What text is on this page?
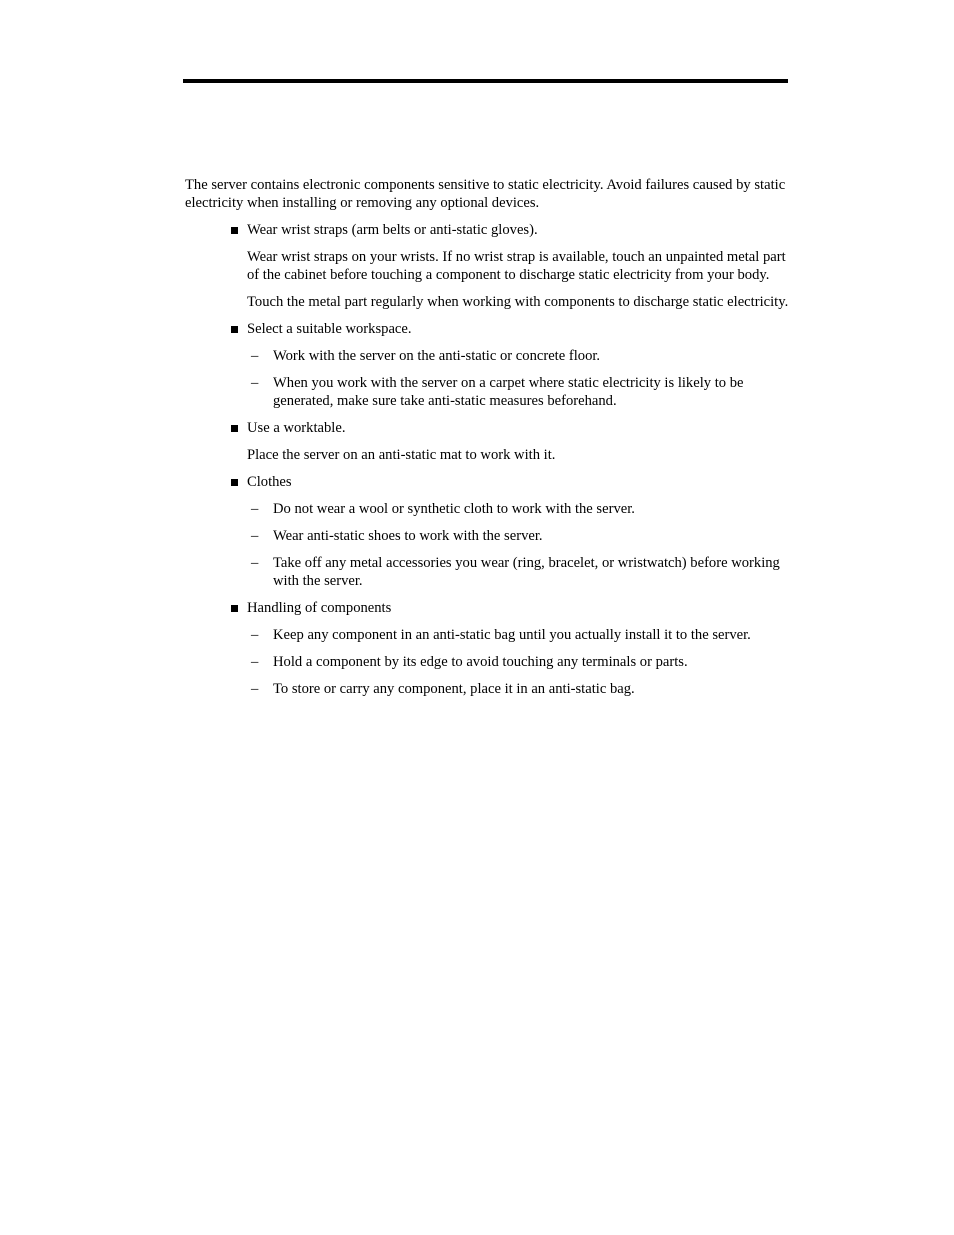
The server contains electronic components sensitive to static electricity. Avoid failures caused by static electricity when installing or removing any optional devices.

Wear wrist straps (arm belts or anti-static gloves).

Wear wrist straps on your wrists. If no wrist strap is available, touch an unpainted metal part of the cabinet before touching a component to discharge static electricity from your body.

Touch the metal part regularly when working with components to discharge static electricity.

Select a suitable workspace.
– Work with the server on the anti-static or concrete floor.
– When you work with the server on a carpet where static electricity is likely to be generated, make sure take anti-static measures beforehand.
Use a worktable.

Place the server on an anti-static mat to work with it.

Clothes
– Do not wear a wool or synthetic cloth to work with the server.
– Wear anti-static shoes to work with the server.
– Take off any metal accessories you wear (ring, bracelet, or wristwatch) before working with the server.
Handling of components
– Keep any component in an anti-static bag until you actually install it to the server.
– Hold a component by its edge to avoid touching any terminals or parts.
– To store or carry any component, place it in an anti-static bag.
